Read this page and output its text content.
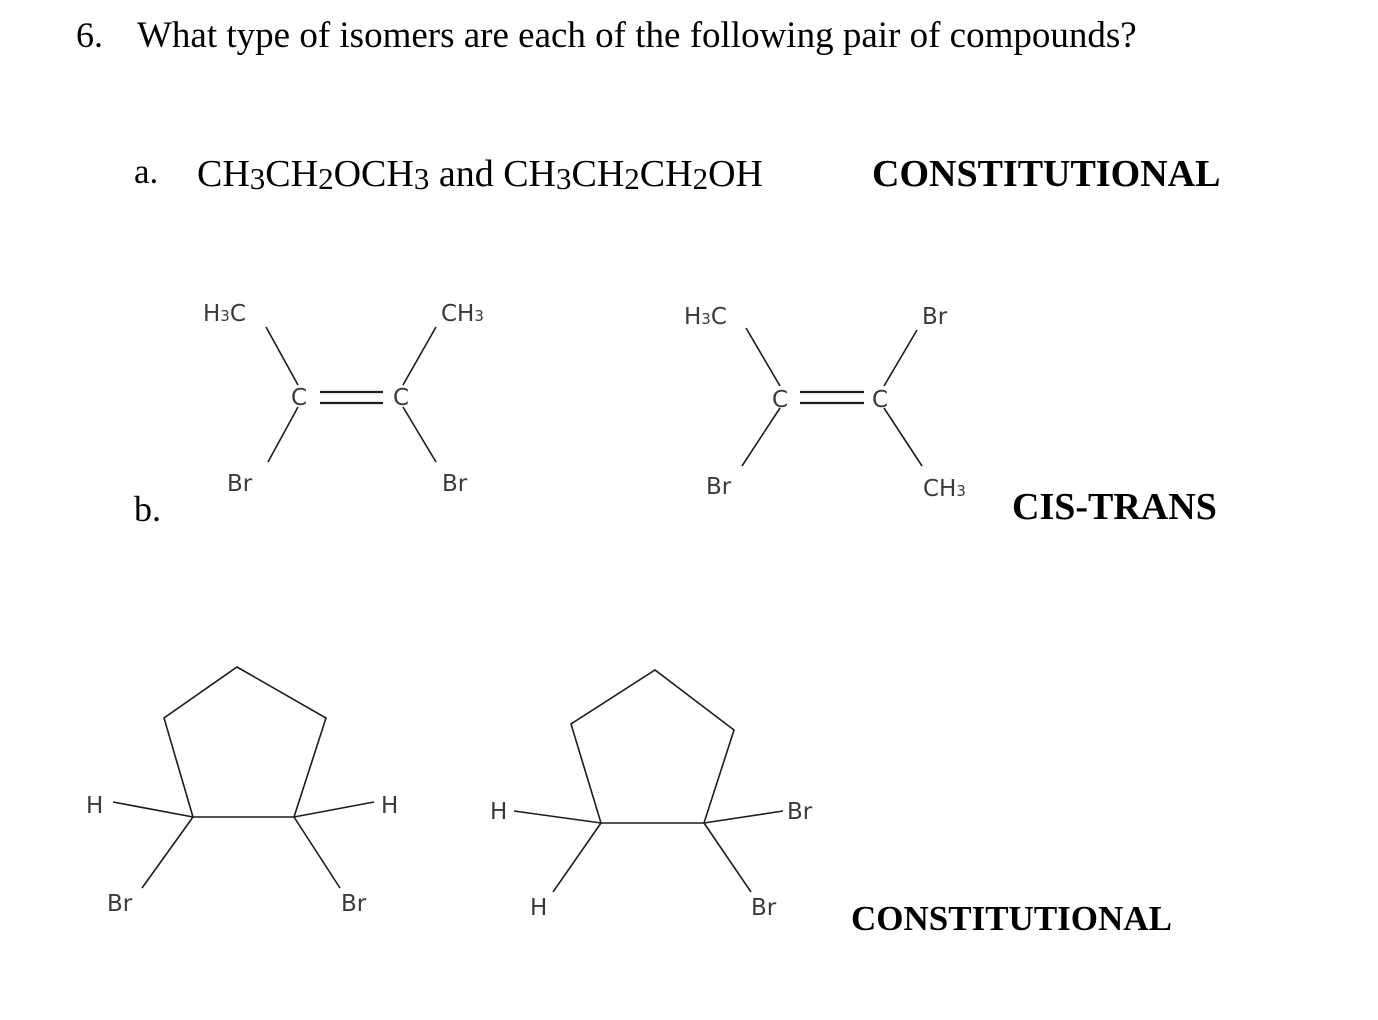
6. What type of isomers are each of the following pair of compounds?
a. CH3CH2OCH3 and CH3CH2CH2OH	CONSTITUTIONAL
b.	CIS-TRANS
CONSTITUTIONAL
H3C	CH3
C	C
Br	Br
H3C	Br
C	C
Br	CH3
H	H
Br	Br
H	Br
H	Br
